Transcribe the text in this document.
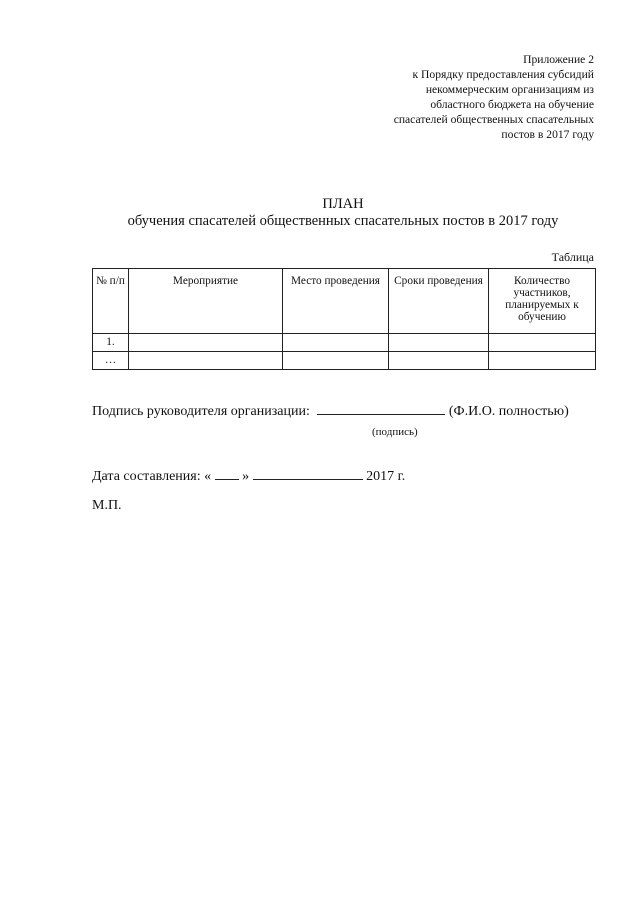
Приложение 2
к Порядку предоставления субсидий
некоммерческим организациям из
областного бюджета на обучение
спасателей общественных спасательных
постов в 2017 году
ПЛАН
обучения спасателей общественных спасательных постов в 2017 году
Таблица
№ п/п	Мероприятие	Место проведения	Сроки проведения	Количество участников, планируемых к обучению
1.				
…				
Подпись руководителя организации:	(Ф.И.О. полностью)
(подпись)
Дата составления: « »	2017 г.
М.П.
